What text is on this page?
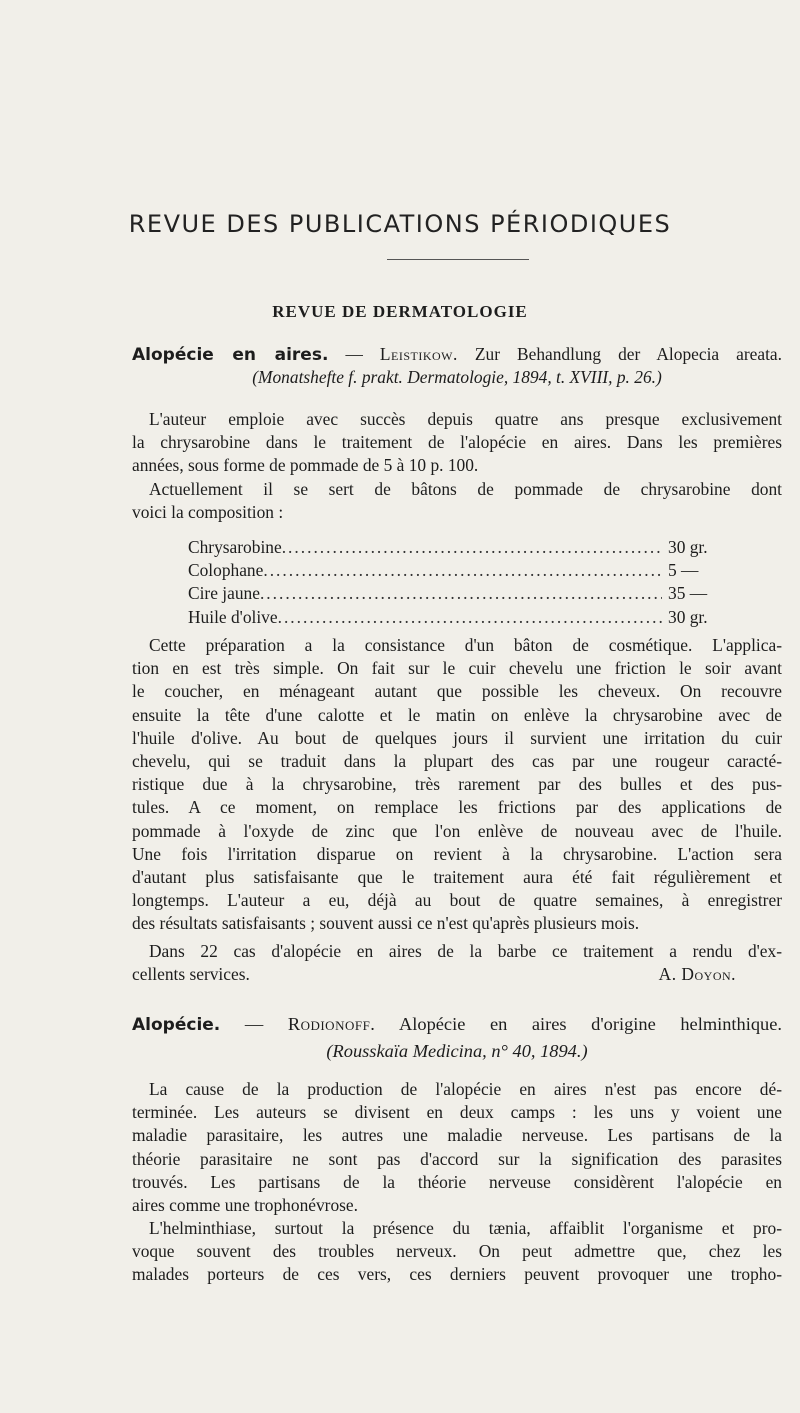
REVUE DES PUBLICATIONS PÉRIODIQUES
REVUE DE DERMATOLOGIE
Alopécie en aires. — Leistikow. Zur Behandlung der Alopecia areata.
(Monatshefte f. prakt. Dermatologie, 1894, t. XVIII, p. 26.)
L'auteur emploie avec succès depuis quatre ans presque exclusivement
la chrysarobine dans le traitement de l'alopécie en aires. Dans les premières
années, sous forme de pommade de 5 à 10 p. 100.
Actuellement il se sert de bâtons de pommade de chrysarobine dont
voici la composition :
Chrysarobine .....	30 gr.
Colophane .....	5 —
Cire jaune .....	35 —
Huile d'olive .....	30 gr.
Cette préparation a la consistance d'un bâton de cosmétique. L'applica-
tion en est très simple. On fait sur le cuir chevelu une friction le soir avant
le coucher, en ménageant autant que possible les cheveux. On recouvre
ensuite la tête d'une calotte et le matin on enlève la chrysarobine avec de
l'huile d'olive. Au bout de quelques jours il survient une irritation du cuir
chevelu, qui se traduit dans la plupart des cas par une rougeur caracté-
ristique due à la chrysarobine, très rarement par des bulles et des pus-
tules. A ce moment, on remplace les frictions par des applications de
pommade à l'oxyde de zinc que l'on enlève de nouveau avec de l'huile.
Une fois l'irritation disparue on revient à la chrysarobine. L'action sera
d'autant plus satisfaisante que le traitement aura été fait régulièrement et
longtemps. L'auteur a eu, déjà au bout de quatre semaines, à enregistrer
des résultats satisfaisants ; souvent aussi ce n'est qu'après plusieurs mois.
Dans 22 cas d'alopécie en aires de la barbe ce traitement a rendu d'ex-
cellents services.	A. Doyon.
Alopécie. — Rodionoff. Alopécie en aires d'origine helminthique.
(Rousskaïa Medicina, n° 40, 1894.)
La cause de la production de l'alopécie en aires n'est pas encore dé-
terminée. Les auteurs se divisent en deux camps : les uns y voient une
maladie parasitaire, les autres une maladie nerveuse. Les partisans de la
théorie parasitaire ne sont pas d'accord sur la signification des parasites
trouvés. Les partisans de la théorie nerveuse considèrent l'alopécie en
aires comme une trophonévrose.
L'helminthiase, surtout la présence du tænia, affaiblit l'organisme et pro-
voque souvent des troubles nerveux. On peut admettre que, chez les
malades porteurs de ces vers, ces derniers peuvent provoquer une tropho-
